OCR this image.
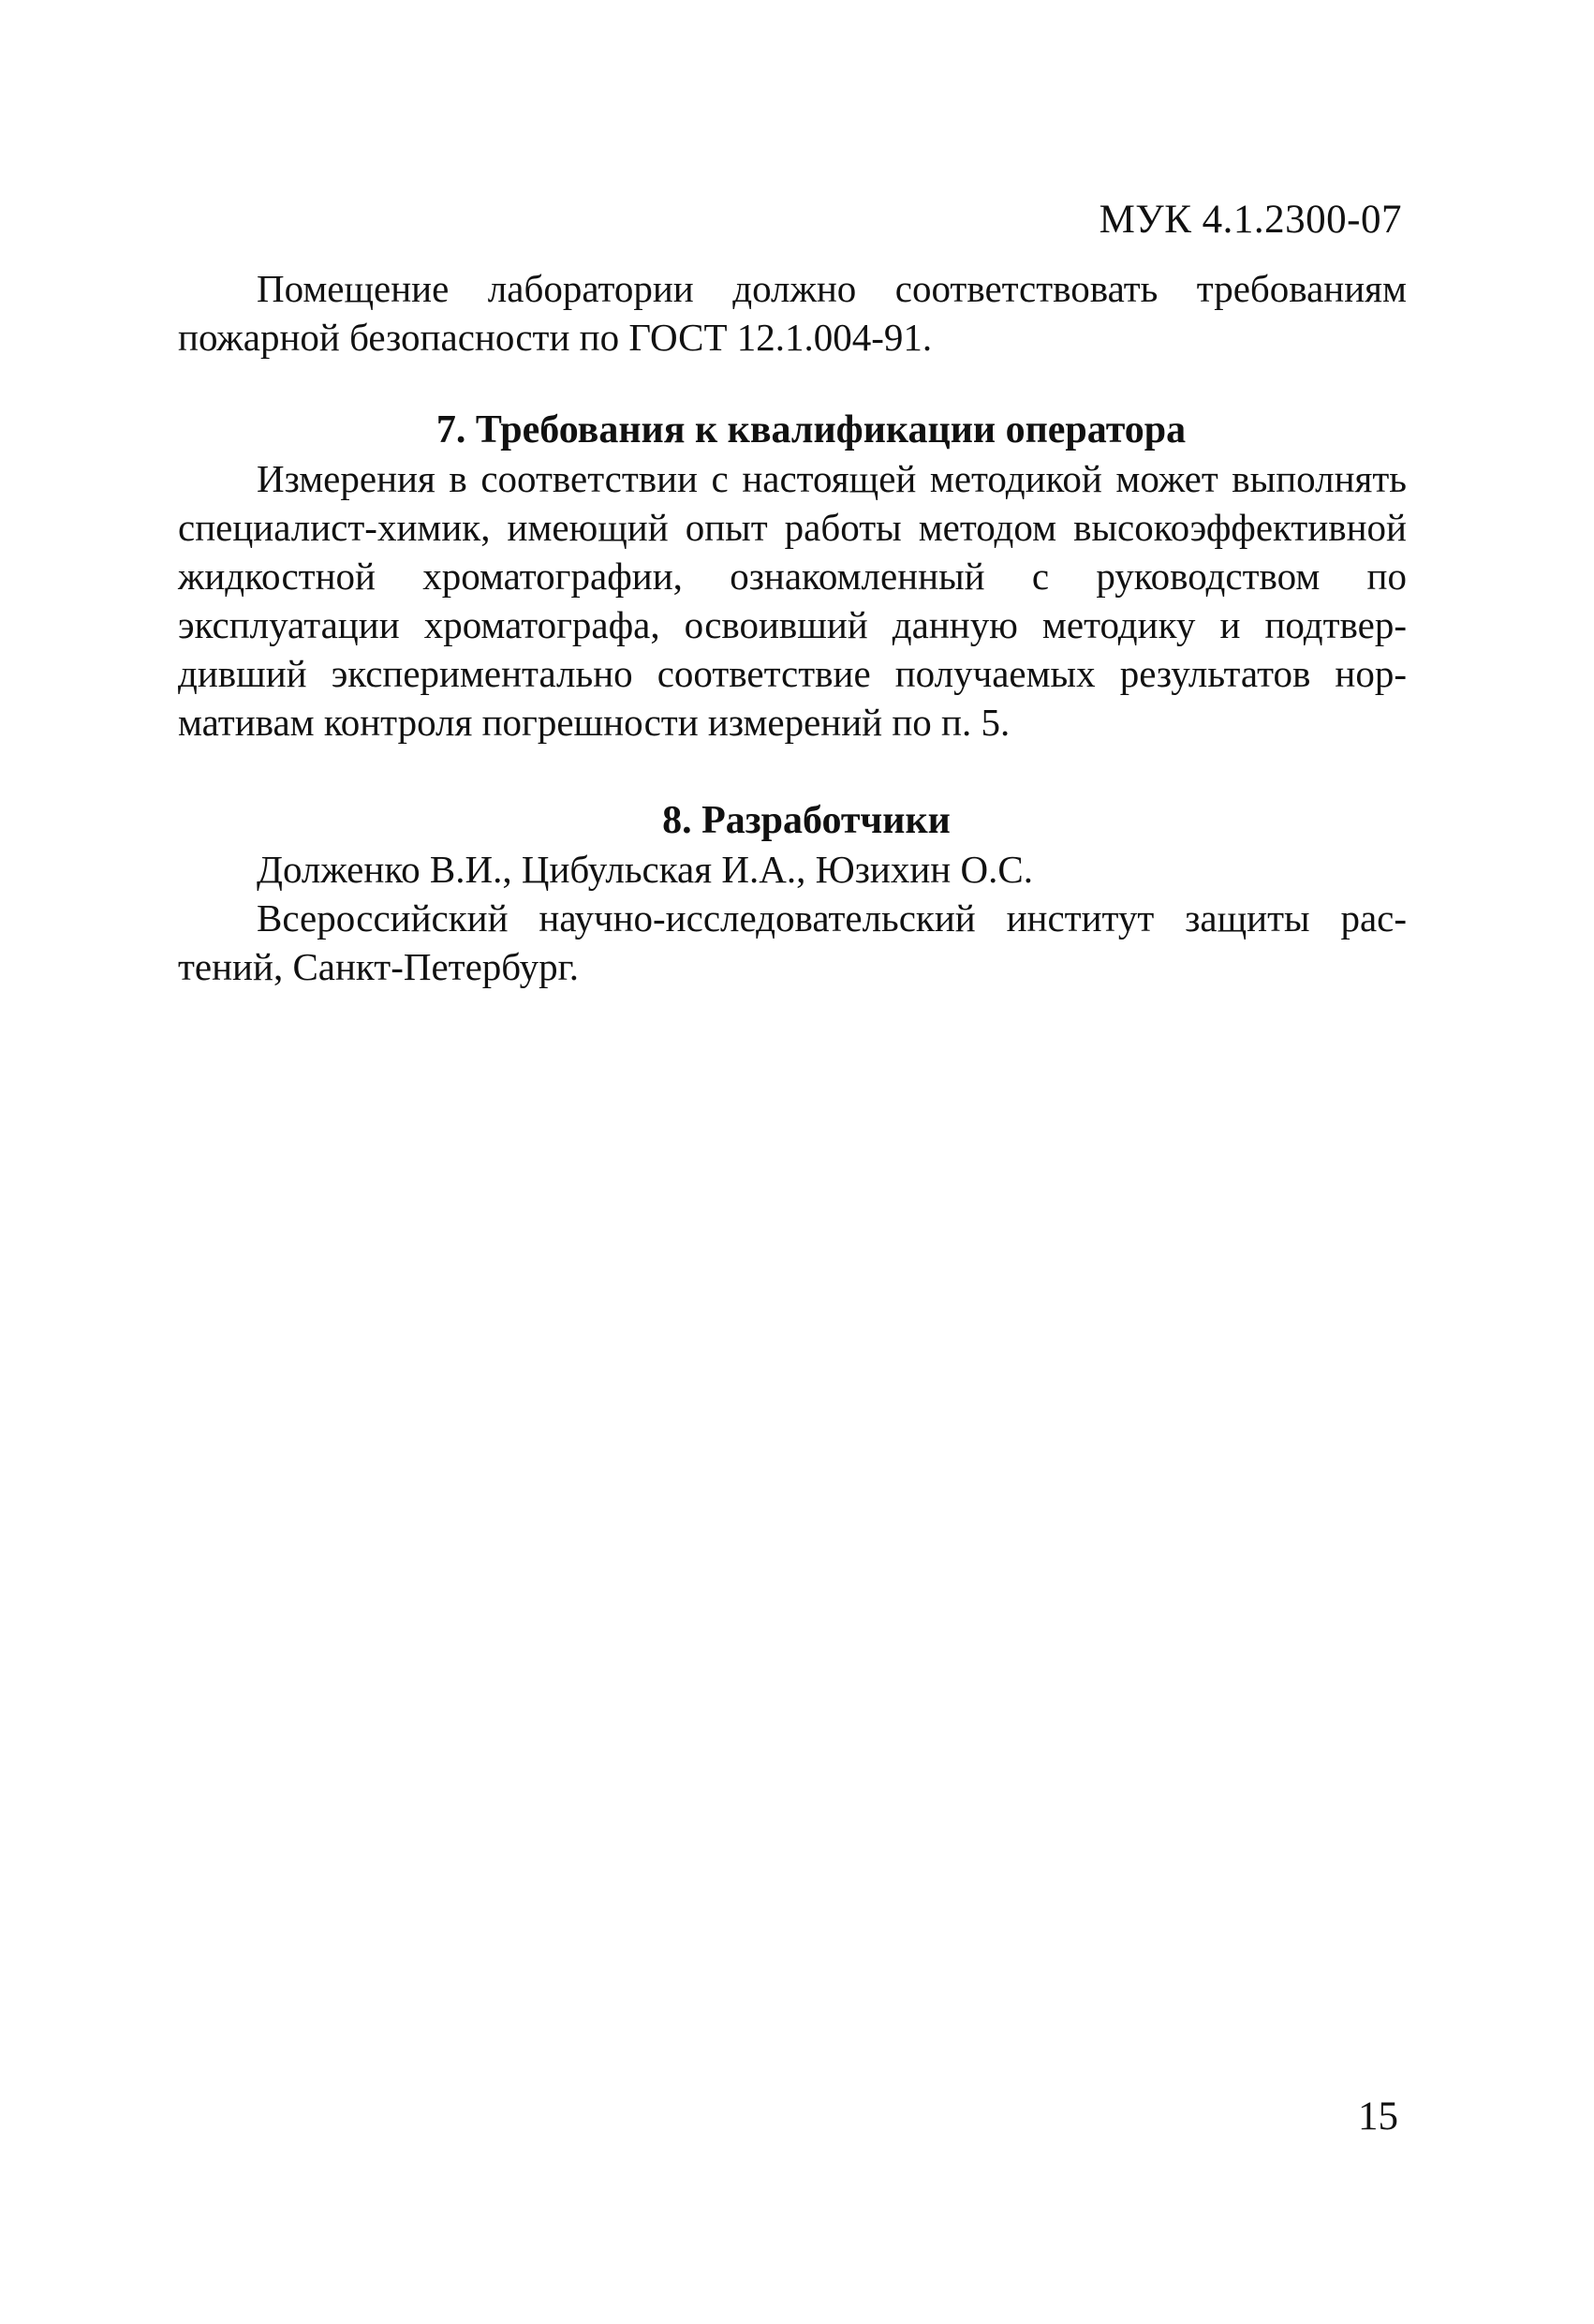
МУК 4.1.2300-07

Помещение лаборатории должно соответствовать требованиям пожарной безопасности по ГОСТ 12.1.004-91.

7. Требования к квалификации оператора

Измерения в соответствии с настоящей методикой может выполнять специалист-химик, имеющий опыт работы методом высокоэффективной жидкостной хроматографии, ознакомленный с руководством по эксплуатации хроматографа, освоивший данную методику и подтвердивший экспериментально соответствие получаемых результатов нормативам контроля погрешности измерений по п. 5.

8. Разработчики

Долженко В.И., Цибульская И.А., Юзихин О.С.

Всероссийский научно-исследовательский институт защиты растений, Санкт-Петербург.

15
